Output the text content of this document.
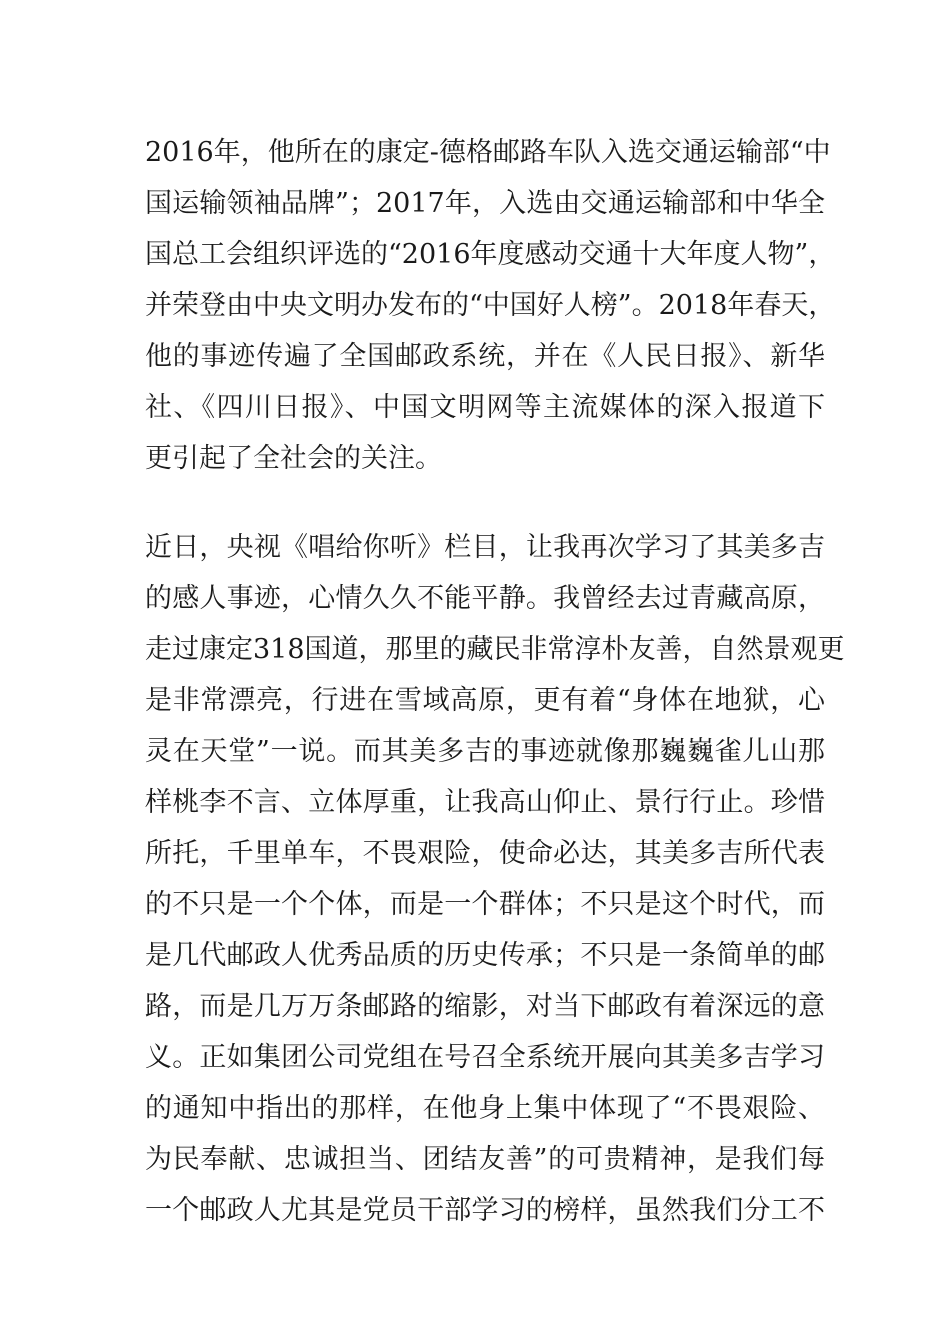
2016年，他所在的康定-德格邮路车队入选交通运输部“中
国运输领袖品牌”；2017年，入选由交通运输部和中华全
国总工会组织评选的“2016年度感动交通十大年度人物”，
并荣登由中央文明办发布的“中国好人榜”。2018年春天，
他的事迹传遍了全国邮政系统，并在《人民日报》、新华
社、《四川日报》、中国文明网等主流媒体的深入报道下
更引起了全社会的关注。
近日，央视《唱给你听》栏目，让我再次学习了其美多吉
的感人事迹，心情久久不能平静。我曾经去过青藏高原，
走过康定318国道，那里的藏民非常淳朴友善，自然景观更
是非常漂亮，行进在雪域高原，更有着“身体在地狱，心
灵在天堂”一说。而其美多吉的事迹就像那巍巍雀儿山那
样桃李不言、立体厚重，让我高山仰止、景行行止。珍惜
所托，千里单车，不畏艰险，使命必达，其美多吉所代表
的不只是一个个体，而是一个群体；不只是这个时代，而
是几代邮政人优秀品质的历史传承；不只是一条简单的邮
路，而是几万万条邮路的缩影，对当下邮政有着深远的意
义。正如集团公司党组在号召全系统开展向其美多吉学习
的通知中指出的那样，在他身上集中体现了“不畏艰险、
为民奉献、忠诚担当、团结友善”的可贵精神，是我们每
一个邮政人尤其是党员干部学习的榜样，虽然我们分工不
